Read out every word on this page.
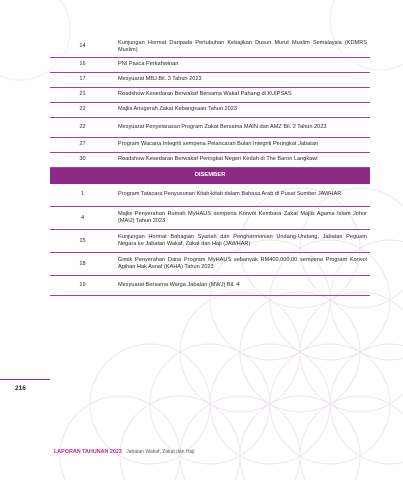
14	Kunjungan Hormat Daripada Pertubuhan Kebajikan Dusun Murut Muslim Semalaysia (KDMRS Muslim)
16	PNI Pasca Perkahwinan
17	Mesyuarat MBJ Bil. 3 Tahun 2023
21	Roadshow Kesedaran Berwakaf Bersama Wakaf Pahang di KUIPSAS
22	Majlis Anugerah Zakat Kebangsaan Tahun 2023
22	Mesyuarat Penyelarasan Program Zakat Bersama MAIN dan AMZ Bil. 2 Tahun 2023
27	Program Wacana Integriti sempena Pelancaran Bulan Integriti Peringkat Jabatan
30	Roadshow Kesedaran Berwakaf Peringkat Negeri Kedah di The Baron Langkawi
DISEMBER	
1	Program Tatacara Penyusunan Kitab-kitab dalam Bahasa Arab di Pusat Sumber JAWHAR
4	Majlis Penyerahan Rumah MyHAUS sempena Konvoi Kembara Zakat Majlis Agama Islam Johor (MAIJ) Tahun 2023
15	Kunjungan Hormat Bahagian Syariah dan Pengharmonian Undang-Undang, Jabatan Peguam Negara ke Jabatan Wakaf, Zakat dan Haji (JAWHAR)
18	Gimik Penyerahan Dana Program MyHAUS sebanyak RM400,000.00 sempena Program Konvoi Agihan Hak Asnaf (KAHA) Tahun 2023
19	Mesyuarat Bersama Warga Jabatan (MWJ) Bil. 4
216
LAPORAN TAHUNAN 2023 Jabatan Wakaf, Zakat dan Haji
